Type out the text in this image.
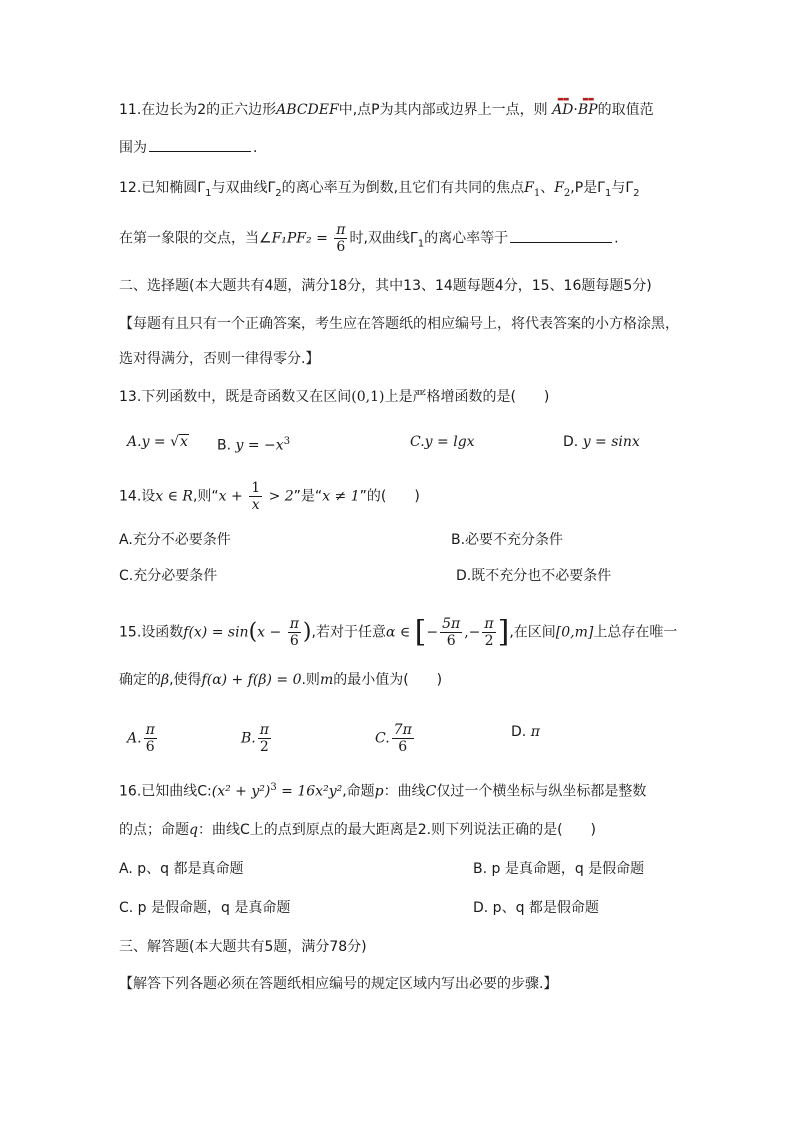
11.在边长为2的正六边形ABCDEF中,点P为其内部或边界上一点，则
▬▬
AD·
▬▬
BP的取值范
围为	.
12.已知椭圆$\Gamma_1$与双曲线$\Gamma_2$的离心率互为倒数,且它们有共同的焦点$F_1$、$F_2,P$是$\Gamma_1$与$\Gamma_2$
在第一象限的交点，当∠F₁PF₂ = $\frac{\pi}{6}$ 时,双曲线$\Gamma_1$的离心率等于	.
二、选择题(本大题共有4题，满分18分，其中13、14题每题4分，15、16题每题5分)
【每题有且只有一个正确答案，考生应在答题纸的相应编号上，将代表答案的小方格涂黑，
选对得满分，否则一律得零分.】
13.下列函数中，既是奇函数又在区间(0,1)上是严格增函数的是(　　)
A.y = √x B. $y = -x^3$	C.y = lgx	D. y = sinx
14.设x ∈ R,则“$x + \frac{1}{x} > 2$”是“x ≠ 1”的(　　)
A.充分不必要条件	B.必要不充分条件
C.充分必要条件	D.既不充分也不必要条件
15.设函数$f(x) = \sin(x - \frac{\pi}{6}$ ),若对于任意α ∈ [− $\frac{5\pi}{6}$ ,− $\frac{\pi}{2}$ ],在区间[0,m]上总存在唯一
确定的β,使得f(α) + f(β) = 0.则m的最小值为(　　)
A. $\frac{\pi}{6}$	B. $\frac{\pi}{2}$	C. $\frac{7\pi}{6}$	D. π
16.已知曲线C:(x² + y²)$^3$ = 16x²y²,命题p：曲线C仅过一个横坐标与纵坐标都是整数
的点；命题q：曲线C上的点到原点的最大距离是2.则下列说法正确的是(　　)
A. p、q 都是真命题	B. p 是真命题，q 是假命题
C. p 是假命题，q 是真命题	D. p、q 都是假命题
三、解答题(本大题共有5题，满分78分)
【解答下列各题必须在答题纸相应编号的规定区域内写出必要的步骤.】
